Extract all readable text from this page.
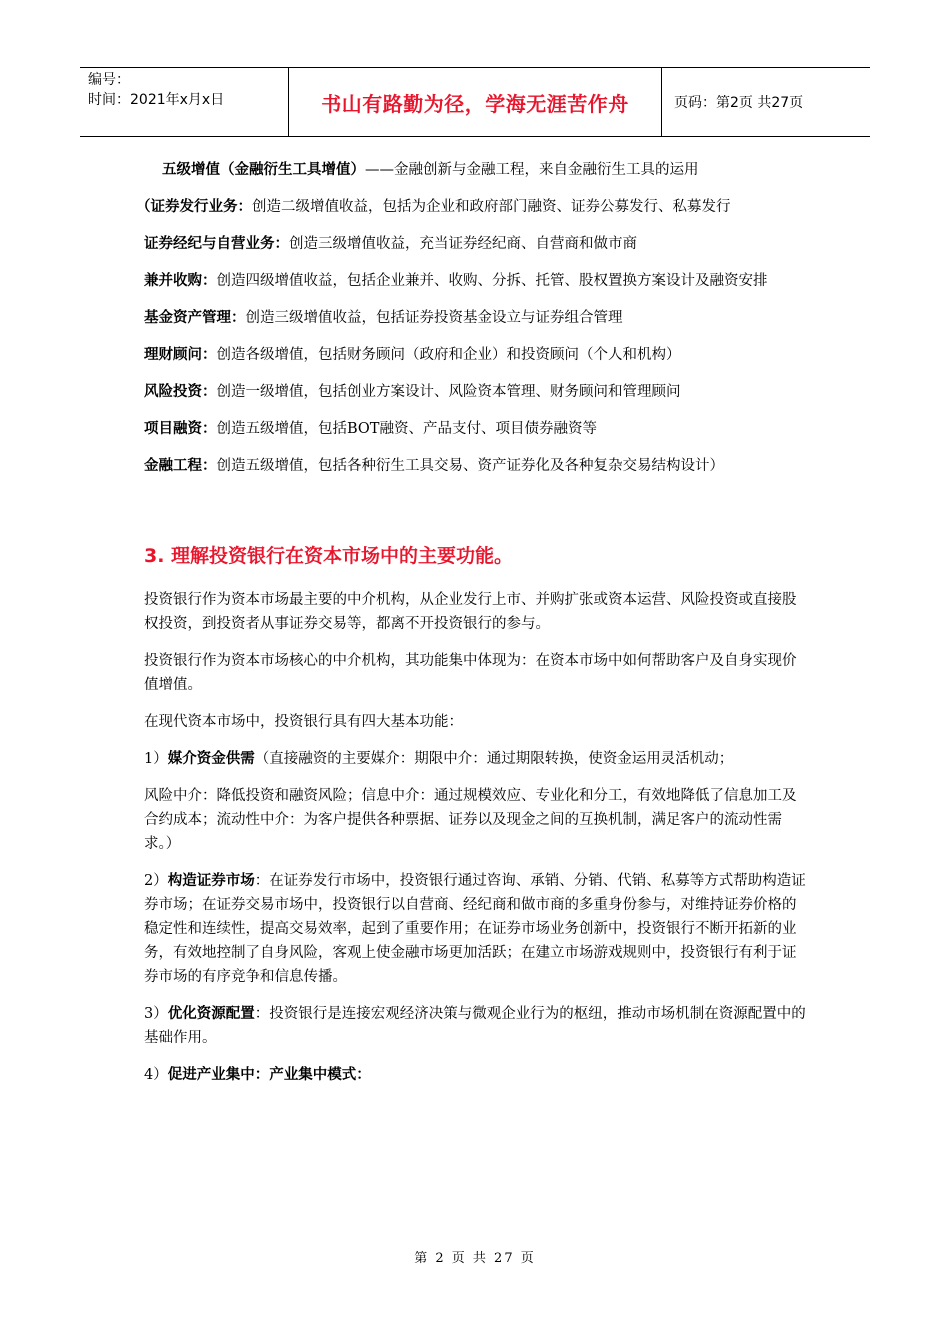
编号：
时间：2021年x月x日	书山有路勤为径，学海无涯苦作舟	页码：第2页 共27页

五级增值（金融衍生工具增值）——金融创新与金融工程，来自金融衍生工具的运用

（证券发行业务：创造二级增值收益，包括为企业和政府部门融资、证券公募发行、私募发行

证券经纪与自营业务：创造三级增值收益，充当证券经纪商、自营商和做市商

兼并收购：创造四级增值收益，包括企业兼并、收购、分拆、托管、股权置换方案设计及融资安排

基金资产管理：创造三级增值收益，包括证券投资基金设立与证券组合管理

理财顾问：创造各级增值，包括财务顾问（政府和企业）和投资顾问（个人和机构）

风险投资：创造一级增值，包括创业方案设计、风险资本管理、财务顾问和管理顾问

项目融资：创造五级增值，包括BOT融资、产品支付、项目债券融资等

金融工程：创造五级增值，包括各种衍生工具交易、资产证券化及各种复杂交易结构设计）

3. 理解投资银行在资本市场中的主要功能。

投资银行作为资本市场最主要的中介机构，从企业发行上市、并购扩张或资本运营、风险投资或直接股权投资，到投资者从事证券交易等，都离不开投资银行的参与。

投资银行作为资本市场核心的中介机构，其功能集中体现为：在资本市场中如何帮助客户及自身实现价值增值。

在现代资本市场中，投资银行具有四大基本功能：

1）媒介资金供需（直接融资的主要媒介：期限中介：通过期限转换，使资金运用灵活机动；

风险中介：降低投资和融资风险；信息中介：通过规模效应、专业化和分工，有效地降低了信息加工及合约成本；流动性中介：为客户提供各种票据、证券以及现金之间的互换机制，满足客户的流动性需求。）

2）构造证券市场：在证券发行市场中，投资银行通过咨询、承销、分销、代销、私募等方式帮助构造证券市场；在证券交易市场中，投资银行以自营商、经纪商和做市商的多重身份参与，对维持证券价格的稳定性和连续性，提高交易效率，起到了重要作用；在证券市场业务创新中，投资银行不断开拓新的业务，有效地控制了自身风险，客观上使金融市场更加活跃；在建立市场游戏规则中，投资银行有利于证券市场的有序竞争和信息传播。

3）优化资源配置：投资银行是连接宏观经济决策与微观企业行为的枢纽，推动市场机制在资源配置中的基础作用。

4）促进产业集中：产业集中模式：

第 2 页 共 27 页
